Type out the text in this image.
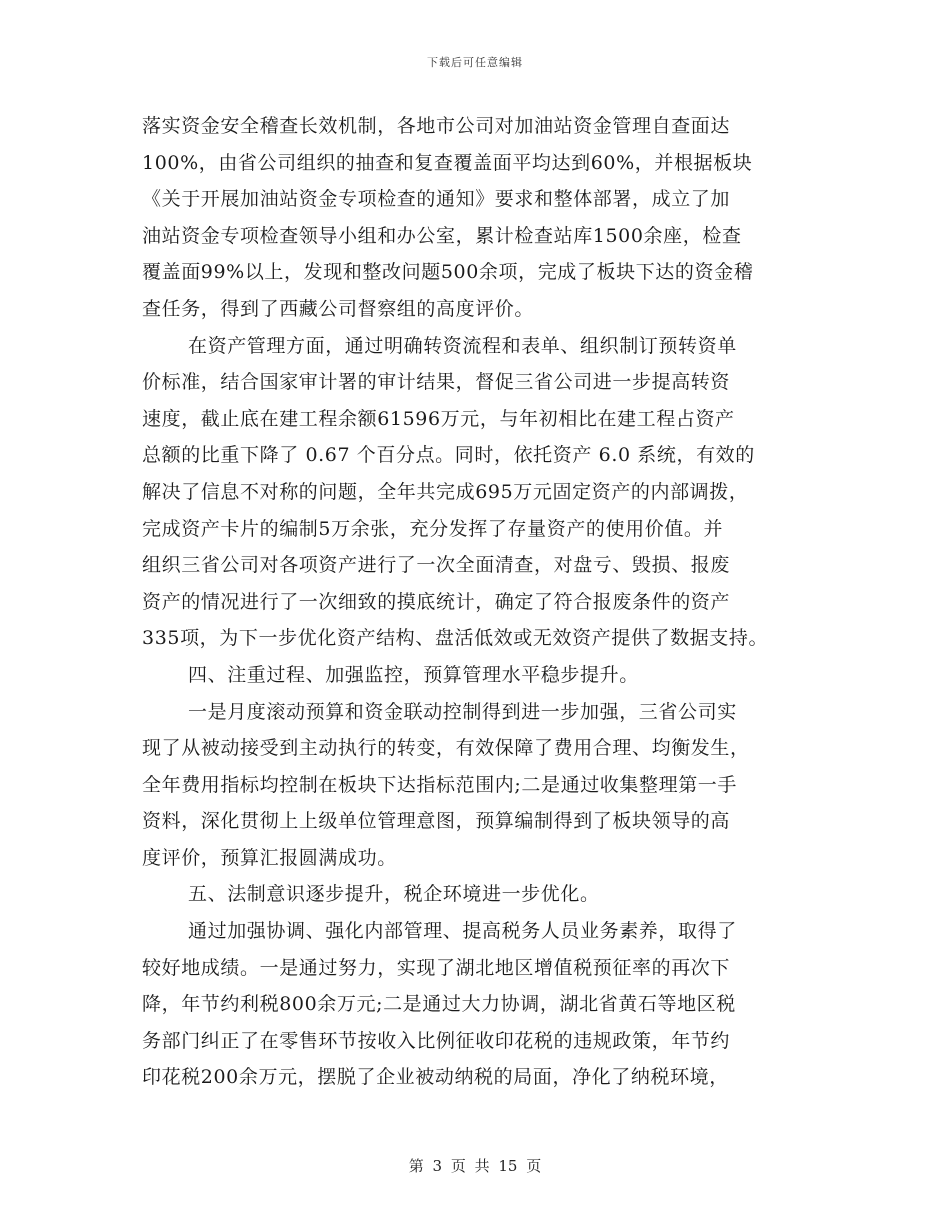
下载后可任意编辑
落实资金安全稽查长效机制，各地市公司对加油站资金管理自查面达
100%，由省公司组织的抽查和复查覆盖面平均达到60%，并根据板块
《关于开展加油站资金专项检查的通知》要求和整体部署，成立了加
油站资金专项检查领导小组和办公室，累计检查站库1500余座，检查
覆盖面99%以上，发现和整改问题500余项，完成了板块下达的资金稽
查任务，得到了西藏公司督察组的高度评价。
在资产管理方面，通过明确转资流程和表单、组织制订预转资单
价标准，结合国家审计署的审计结果，督促三省公司进一步提高转资
速度，截止底在建工程余额61596万元，与年初相比在建工程占资产
总额的比重下降了 0.67 个百分点。同时，依托资产 6.0 系统，有效的
解决了信息不对称的问题，全年共完成695万元固定资产的内部调拨，
完成资产卡片的编制5万余张，充分发挥了存量资产的使用价值。并
组织三省公司对各项资产进行了一次全面清查，对盘亏、毁损、报废
资产的情况进行了一次细致的摸底统计，确定了符合报废条件的资产
335项，为下一步优化资产结构、盘活低效或无效资产提供了数据支持。
四、注重过程、加强监控，预算管理水平稳步提升。
一是月度滚动预算和资金联动控制得到进一步加强，三省公司实
现了从被动接受到主动执行的转变，有效保障了费用合理、均衡发生，
全年费用指标均控制在板块下达指标范围内;二是通过收集整理第一手
资料，深化贯彻上上级单位管理意图，预算编制得到了板块领导的高
度评价，预算汇报圆满成功。
五、法制意识逐步提升，税企环境进一步优化。
通过加强协调、强化内部管理、提高税务人员业务素养，取得了
较好地成绩。一是通过努力，实现了湖北地区增值税预征率的再次下
降，年节约利税800余万元;二是通过大力协调，湖北省黄石等地区税
务部门纠正了在零售环节按收入比例征收印花税的违规政策，年节约
印花税200余万元，摆脱了企业被动纳税的局面，净化了纳税环境，
第 3 页 共 15 页
